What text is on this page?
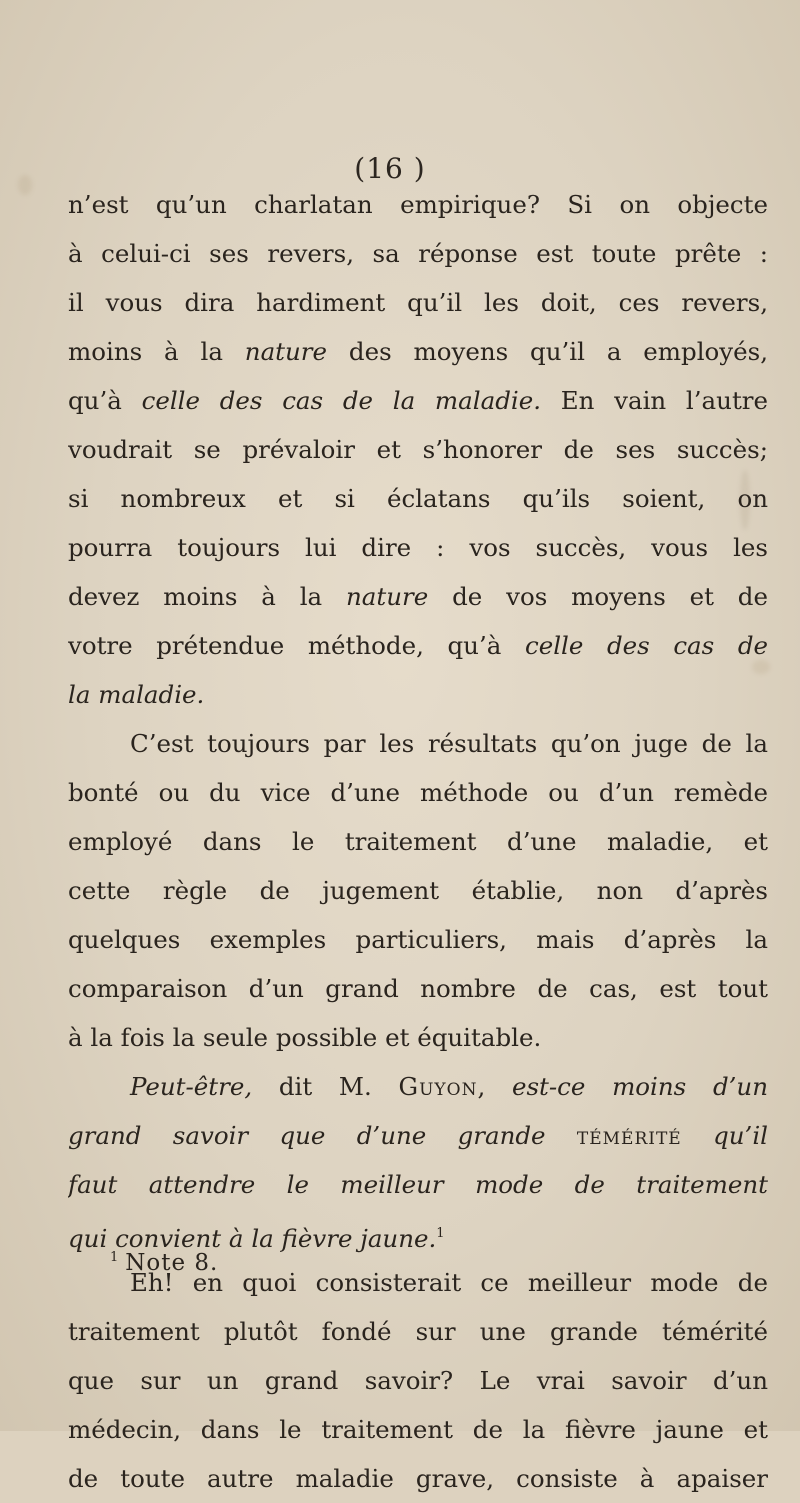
(16 )
n’est qu’un charlatan empirique? Si on objecte
à celui-ci ses revers, sa réponse est toute prête :
il vous dira hardiment qu’il les doit, ces revers,
moins à la nature des moyens qu’il a employés,
qu’à celle des cas de la maladie. En vain l’autre
voudrait se prévaloir et s’honorer de ses succès;
si nombreux et si éclatans qu’ils soient, on
pourra toujours lui dire : vos succès, vous les
devez moins à la nature de vos moyens et de
votre prétendue méthode, qu’à celle des cas de
la maladie.
C’est toujours par les résultats qu’on juge de la
bonté ou du vice d’une méthode ou d’un remède
employé dans le traitement d’une maladie, et
cette règle de jugement établie, non d’après
quelques exemples particuliers, mais d’après la
comparaison d’un grand nombre de cas, est tout
à la fois la seule possible et équitable.
Peut-être, dit M. Guyon, est-ce moins d’un
grand savoir que d’une grande témérité qu’il
faut attendre le meilleur mode de traitement
qui convient à la fièvre jaune.$^1$
Eh! en quoi consisterait ce meilleur mode de
traitement plutôt fondé sur une grande témérité
que sur un grand savoir? Le vrai savoir d’un
médecin, dans le traitement de la fièvre jaune et
de toute autre maladie grave, consiste à apaiser
$^1$ Note 8.
